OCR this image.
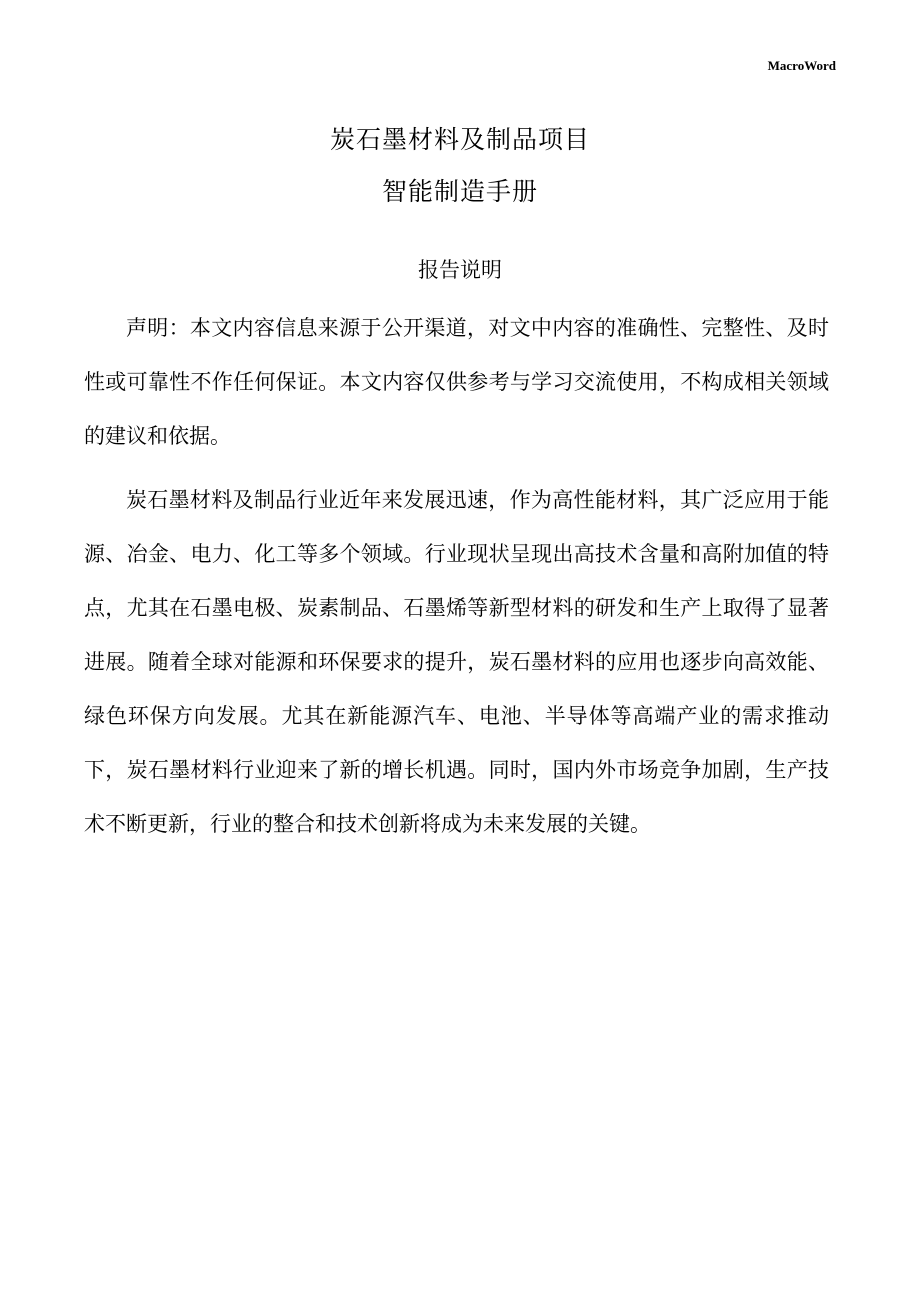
MacroWord
炭石墨材料及制品项目
智能制造手册
报告说明

声明：本文内容信息来源于公开渠道，对文中内容的准确性、完整性、及时性或可靠性不作任何保证。本文内容仅供参考与学习交流使用，不构成相关领域的建议和依据。

炭石墨材料及制品行业近年来发展迅速，作为高性能材料，其广泛应用于能源、冶金、电力、化工等多个领域。行业现状呈现出高技术含量和高附加值的特点，尤其在石墨电极、炭素制品、石墨烯等新型材料的研发和生产上取得了显著进展。随着全球对能源和环保要求的提升，炭石墨材料的应用也逐步向高效能、绿色环保方向发展。尤其在新能源汽车、电池、半导体等高端产业的需求推动下，炭石墨材料行业迎来了新的增长机遇。同时，国内外市场竞争加剧，生产技术不断更新，行业的整合和技术创新将成为未来发展的关键。
